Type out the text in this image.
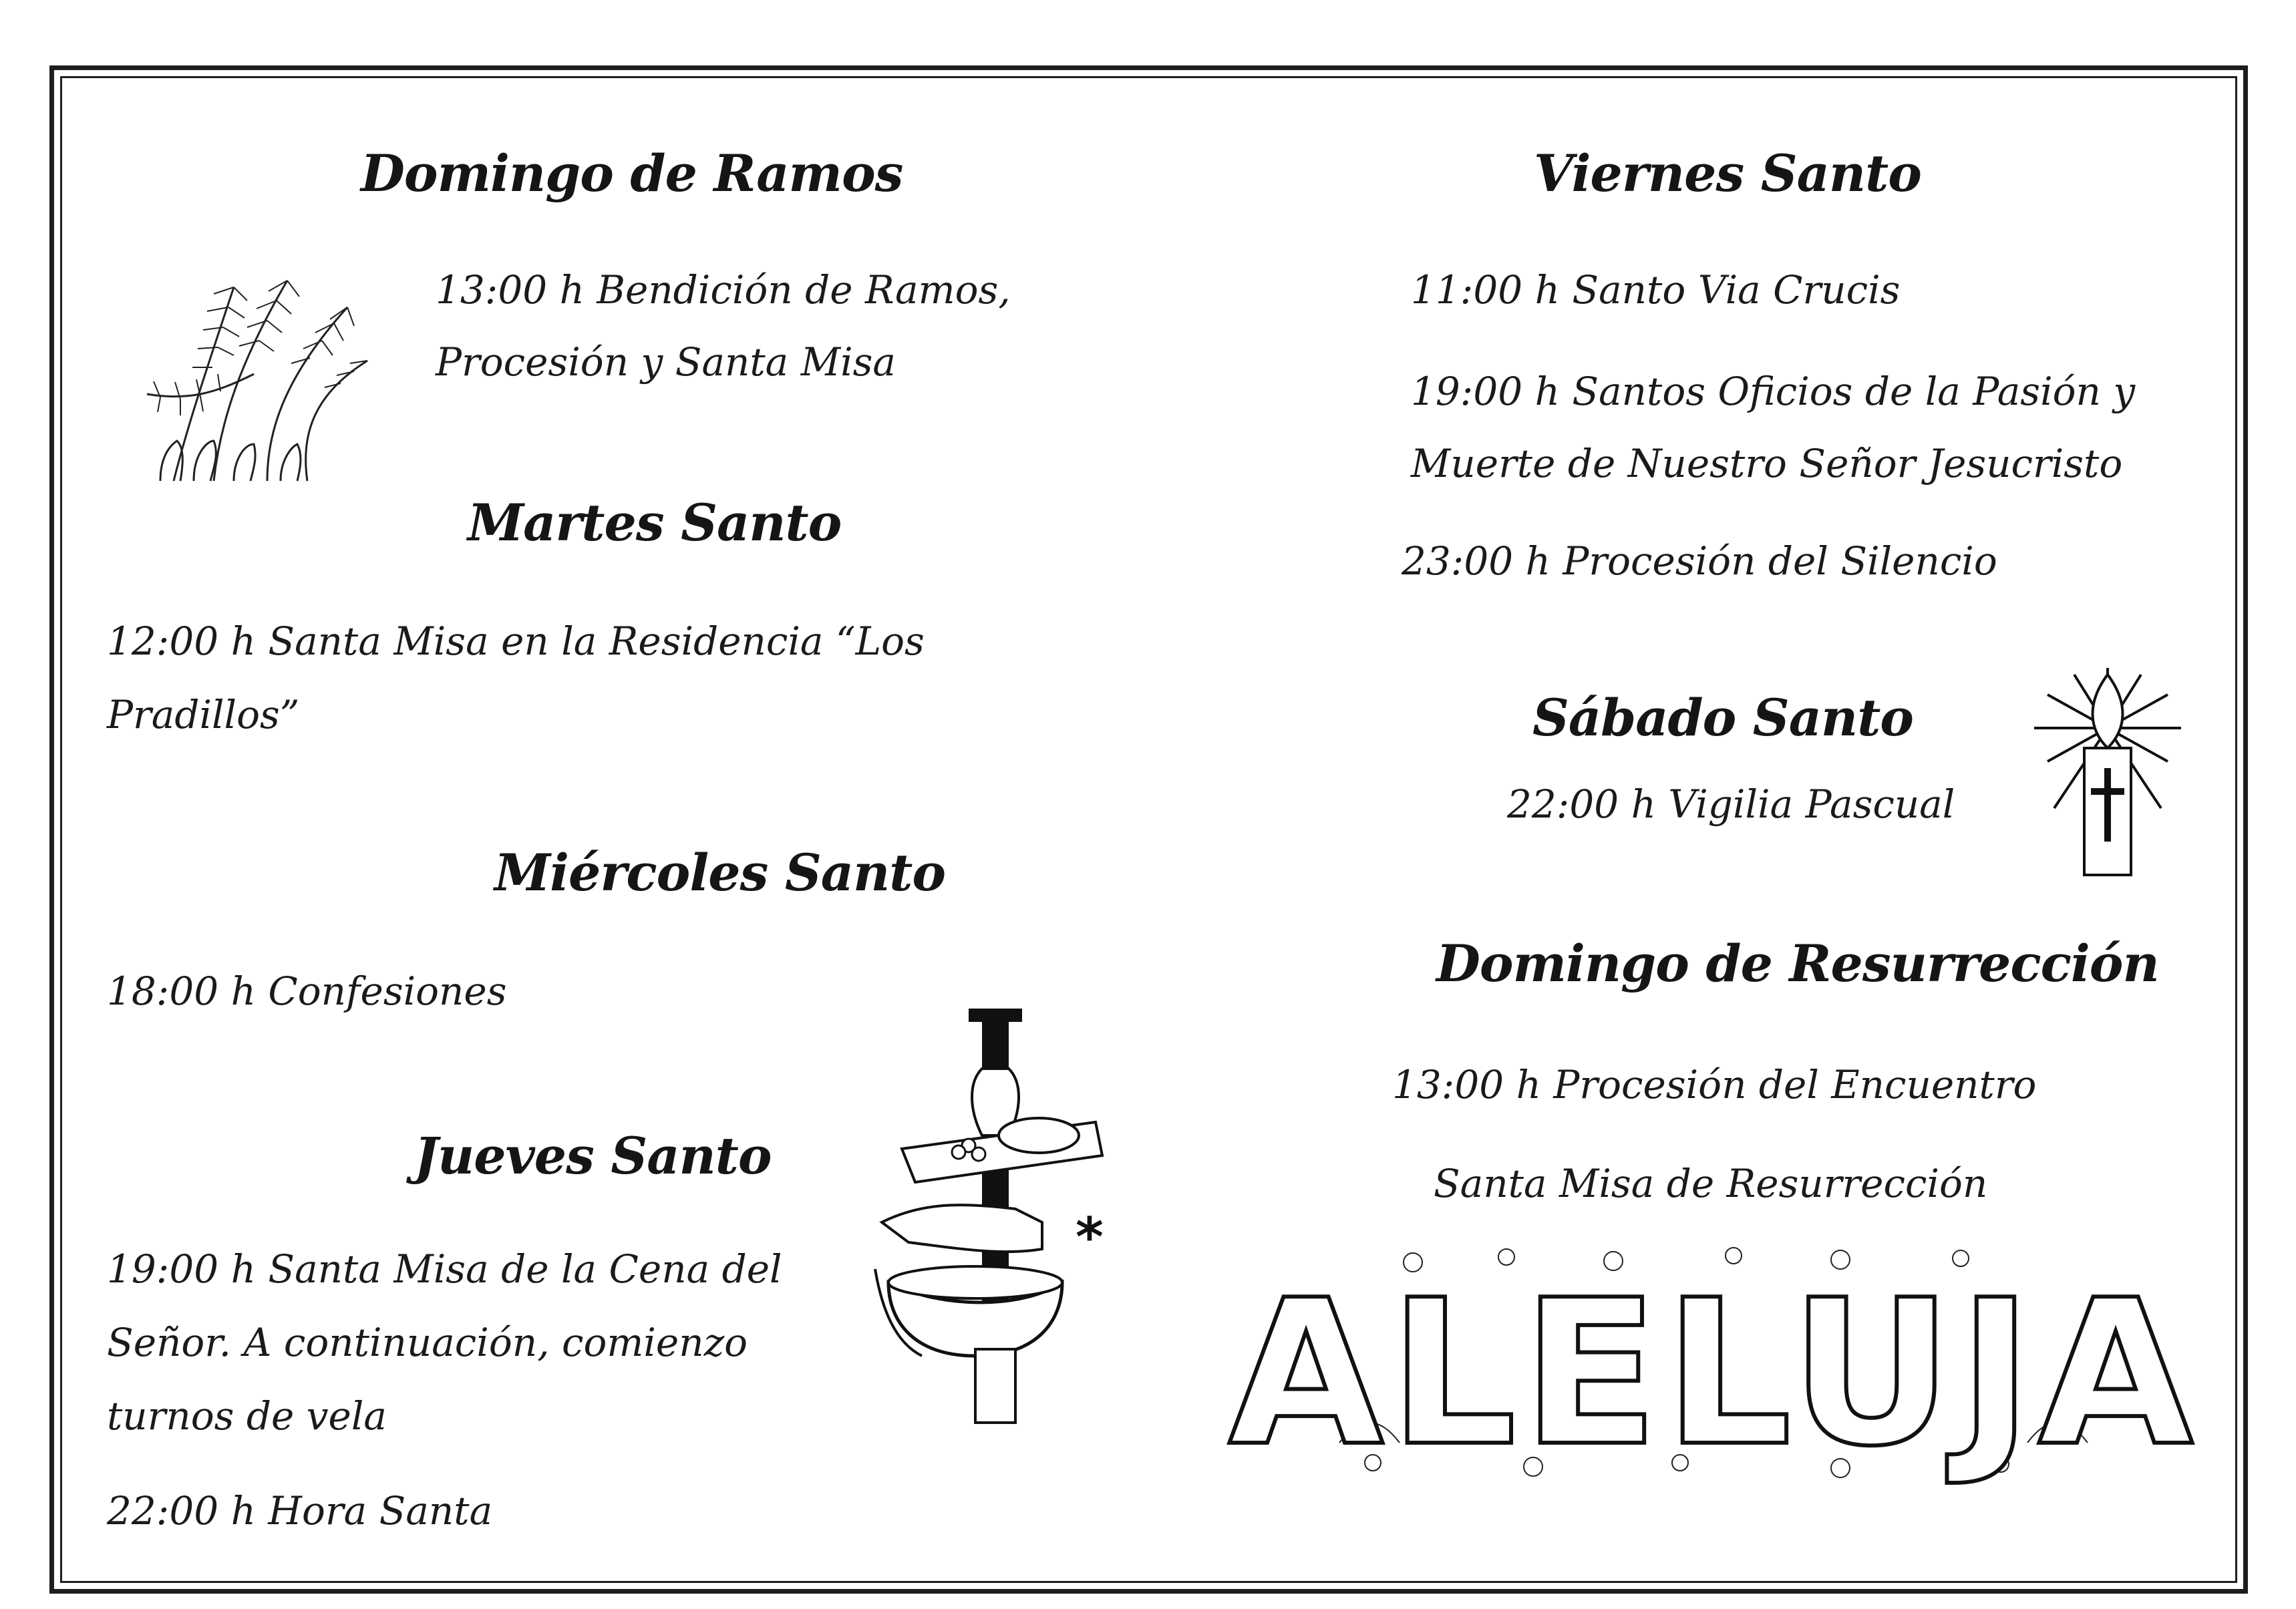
Domingo de Ramos
13:00 h Bendición de Ramos,
Procesión y Santa Misa
Martes Santo
12:00 h Santa Misa en la Residencia “Los
Pradillos”
Miércoles Santo
18:00 h Confesiones
Jueves Santo
19:00 h Santa Misa de la Cena del
Señor. A continuación, comienzo
turnos de vela
22:00 h Hora Santa
*
Viernes Santo
11:00 h Santo Via Crucis
19:00 h Santos Oficios de la Pasión y
Muerte de Nuestro Señor Jesucristo
23:00 h Procesión del Silencio
Sábado Santo
22:00 h Vigilia Pascual
Domingo de Resurrección
13:00 h Procesión del Encuentro
Santa Misa de Resurrección
ALELUJA
